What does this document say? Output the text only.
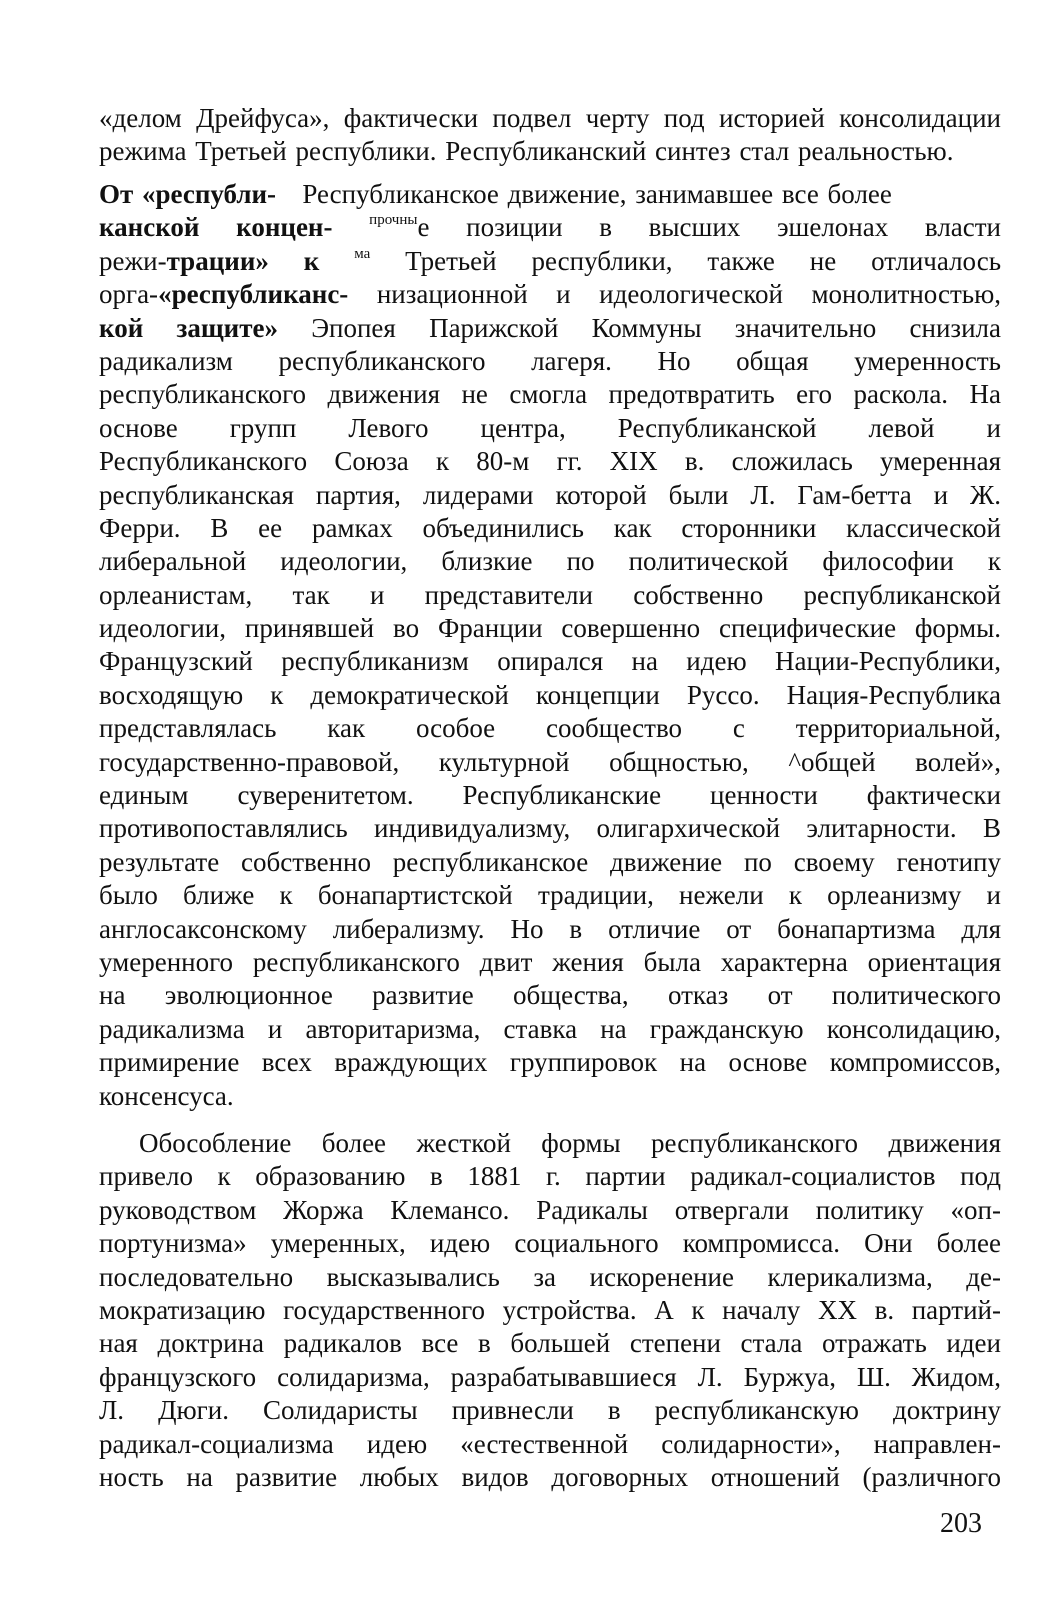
«делом Дрейфуса», фактически подвел черту под историей консолидации
режима Третьей республики. Республиканский синтез стал реальностью.
От «республи- Республиканское движение, занимавшее все более
канской концен- $^{прочны}$е позиции в высших эшелонах власти
режи-трации» к $^{ма}$ Третьей республики, также не отличалось
орга-«республиканс- низационной и идеологической монолитностью,
кой защите» Эпопея Парижской Коммуны значительно снизила
радикализм республиканского лагеря. Но общая умеренность
республиканского движения не смогла предотвратить его раскола. На
основе групп Левого центра, Республиканской левой и
Республиканского Союза к 80-м гг. XIX в. сложилась умеренная
республиканская партия, лидерами которой были Л. Гам-бетта и Ж.
Ферри. В ее рамках объединились как сторонники классической
либеральной идеологии, близкие по политической философии к
орлеанистам, так и представители собственно республиканской
идеологии, принявшей во Франции совершенно специфические формы.
Французский республиканизм опирался на идею Нации-Республики,
восходящую к демократической концепции Руссо. Нация-Республика
представлялась как особое сообщество с территориальной,
государственно-правовой, культурной общностью, ^общей волей»,
единым суверенитетом. Республиканские ценности фактически
противопоставлялись индивидуализму, олигархической элитарности. В
результате собственно республиканское движение по своему генотипу
было ближе к бонапартистской традиции, нежели к орлеанизму и
англосаксонскому либерализму. Но в отличие от бонапартизма для
умеренного республиканского двит жения была характерна ориентация
на эволюционное развитие общества, отказ от политического
радикализма и авторитаризма, ставка на гражданскую консолидацию,
примирение всех враждующих группировок на основе компромиссов,
консенсуса.
Обособление более жесткой формы республиканского движения
привело к образованию в 1881 г. партии радикал-социалистов под
руководством Жоржа Клемансо. Радикалы отвергали политику «оп-
портунизма» умеренных, идею социального компромисса. Они более
последовательно высказывались за искоренение клерикализма, де-
мократизацию государственного устройства. А к началу XX в. партий-
ная доктрина радикалов все в большей степени стала отражать идеи
французского солидаризма, разрабатывавшиеся Л. Буржуа, Ш. Жидом,
Л. Дюги. Солидаристы привнесли в республиканскую доктрину
радикал-социализма идею «естественной солидарности», направлен-
ность на развитие любых видов договорных отношений (различного
203
